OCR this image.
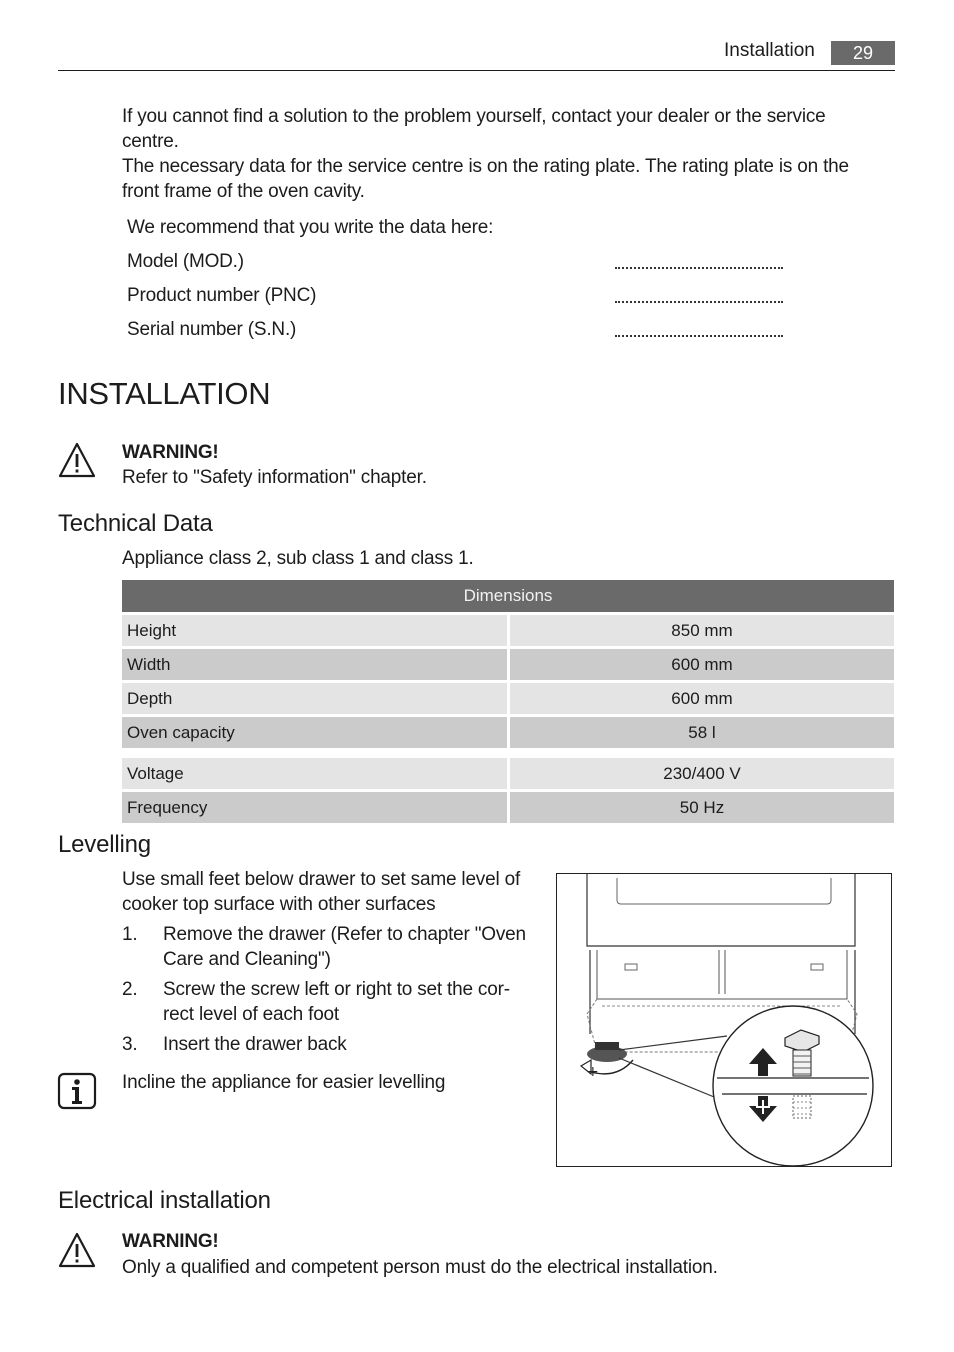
Installation	29
If you cannot find a solution to the problem yourself, contact your dealer or the service centre.
The necessary data for the service centre is on the rating plate. The rating plate is on the front frame of the oven cavity.
We recommend that you write the data here:
Model (MOD.)
Product number (PNC)
Serial number (S.N.)
INSTALLATION
WARNING!
Refer to "Safety information" chapter.
Technical Data
Appliance class 2, sub class 1 and class 1.
Dimensions	
Height	850 mm
Width	600 mm
Depth	600 mm
Oven capacity	58 l

Voltage	230/400 V
Frequency	50 Hz
Levelling
Use small feet below drawer to set same level of cooker top surface with other surfaces
1. Remove the drawer (Refer to chapter "Oven Care and Cleaning")
2. Screw the screw left or right to set the cor-rect level of each foot
3. Insert the drawer back
Incline the appliance for easier levelling	+
Electrical installation
WARNING!
Only a qualified and competent person must do the electrical installation.
